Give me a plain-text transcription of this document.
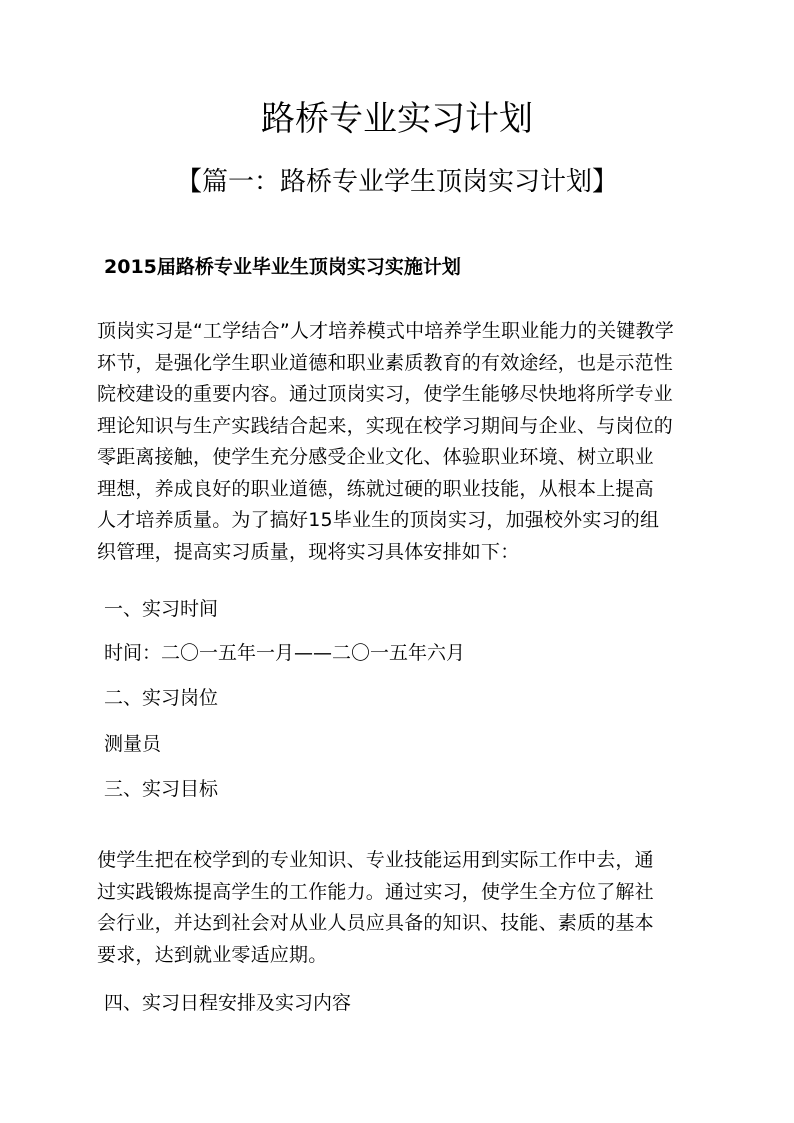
路桥专业实习计划
【篇一：路桥专业学生顶岗实习计划】
2015届路桥专业毕业生顶岗实习实施计划
顶岗实习是“工学结合”人才培养模式中培养学生职业能力的关键教学
环节，是强化学生职业道德和职业素质教育的有效途经，也是示范性
院校建设的重要内容。通过顶岗实习，使学生能够尽快地将所学专业
理论知识与生产实践结合起来，实现在校学习期间与企业、与岗位的
零距离接触，使学生充分感受企业文化、体验职业环境、树立职业
理想，养成良好的职业道德，练就过硬的职业技能，从根本上提高
人才培养质量。为了搞好15毕业生的顶岗实习，加强校外实习的组
织管理，提高实习质量，现将实习具体安排如下：
一、实习时间
时间：二〇一五年一月——二〇一五年六月
二、实习岗位
测量员
三、实习目标
使学生把在校学到的专业知识、专业技能运用到实际工作中去，通
过实践锻炼提高学生的工作能力。通过实习，使学生全方位了解社
会行业，并达到社会对从业人员应具备的知识、技能、素质的基本
要求，达到就业零适应期。
四、实习日程安排及实习内容
